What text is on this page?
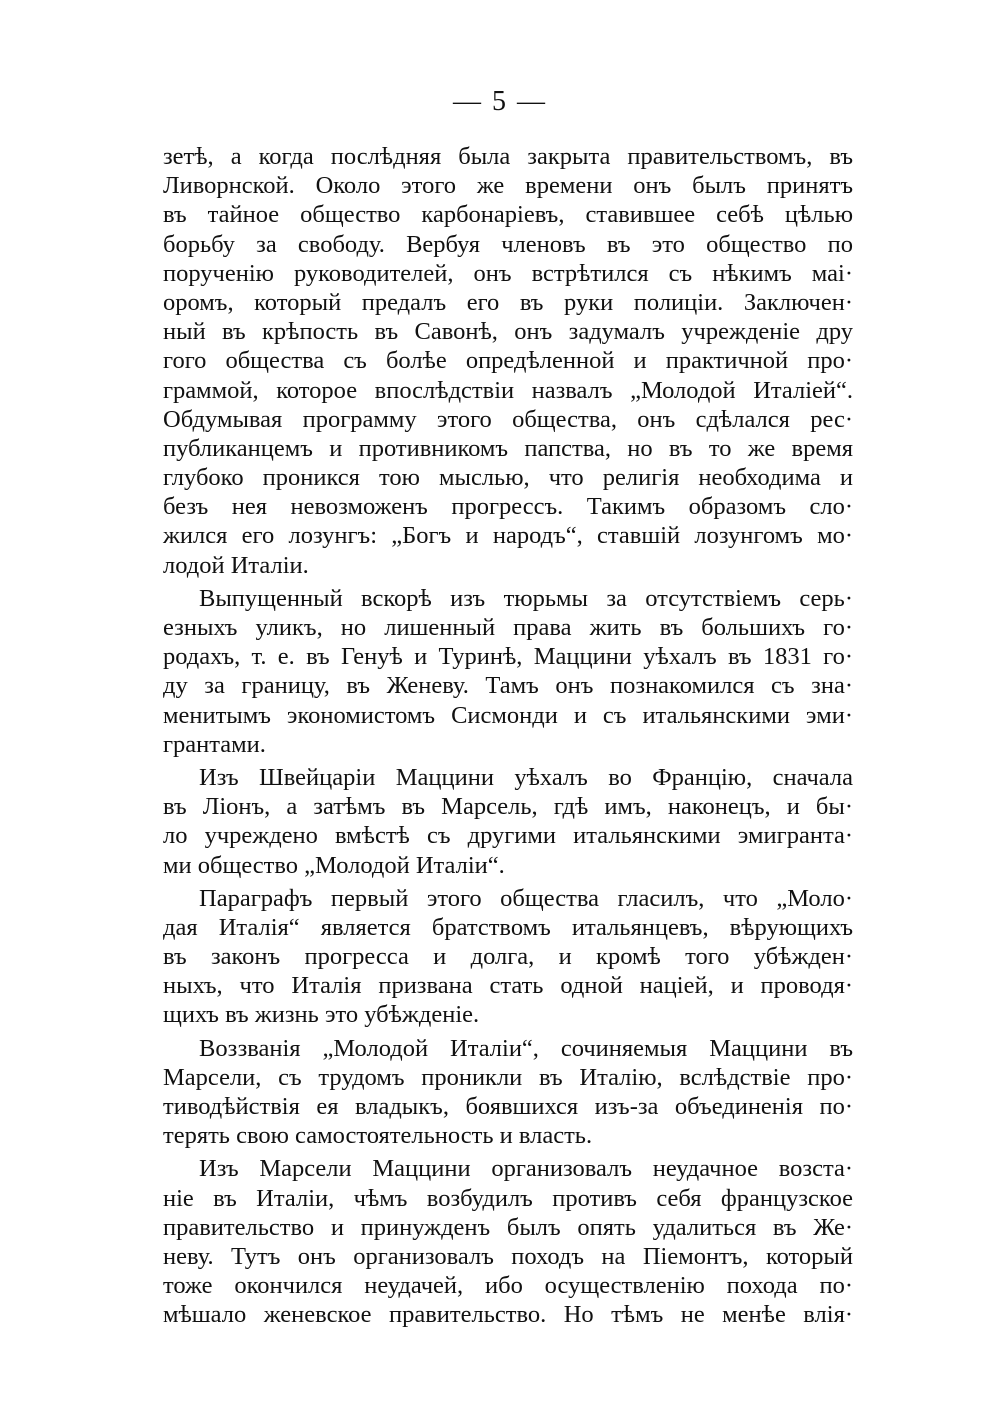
— 5 —
зетѣ, а когда послѣдняя была закрыта правительствомъ, въ
Ливорнской. Около этого же времени онъ былъ принятъ
въ тайное общество карбонаріевъ, ставившее себѣ цѣлью
борьбу за свободу. Вербуя членовъ въ это общество по
порученію руководителей, онъ встрѣтился съ нѣкимъ маі·
оромъ, который предалъ его въ руки полиціи. Заключен·
ный въ крѣпость въ Савонѣ, онъ задумалъ учрежденіе дру
гого общества съ болѣе опредѣленной и практичной про·
граммой, которое впослѣдствіи назвалъ „Молодой Италіей“.
Обдумывая программу этого общества, онъ сдѣлался рес·
публиканцемъ и противникомъ папства, но въ то же время
глубоко проникся тою мыслью, что религія необходима и
безъ нея невозможенъ прогрессъ. Такимъ образомъ сло·
жился его лозунгъ: „Богъ и народъ“, ставшій лозунгомъ мо·
лодой Италіи.
Выпущенный вскорѣ изъ тюрьмы за отсутствіемъ серь·
езныхъ уликъ, но лишенный права жить въ большихъ го·
родахъ, т. е. въ Генуѣ и Туринѣ, Маццини уѣхалъ въ 1831 го·
ду за границу, въ Женеву. Тамъ онъ познакомился съ зна·
менитымъ экономистомъ Сисмонди и съ итальянскими эми·
грантами.
Изъ Швейцаріи Маццини уѣхалъ во Францію, сначала
въ Ліонъ, а затѣмъ въ Марсель, гдѣ имъ, наконецъ, и бы·
ло учреждено вмѣстѣ съ другими итальянскими эмигранта·
ми общество „Молодой Италіи“.
Параграфъ первый этого общества гласилъ, что „Моло·
дая Италія“ является братствомъ итальянцевъ, вѣрующихъ
въ законъ прогресса и долга, и кромѣ того убѣжден·
ныхъ, что Италія призвана стать одной націей, и проводя·
щихъ въ жизнь это убѣжденіе.
Воззванія „Молодой Италіи“, сочиняемыя Маццини въ
Марсели, съ трудомъ проникли въ Италію, вслѣдствіе про·
тиводѣйствія ея владыкъ, боявшихся изъ-за объединенія по·
терять свою самостоятельность и власть.
Изъ Марсели Маццини организовалъ неудачное возста·
ніе въ Италіи, чѣмъ возбудилъ противъ себя французское
правительство и принужденъ былъ опять удалиться въ Же·
неву. Тутъ онъ организовалъ походъ на Піемонтъ, который
тоже окончился неудачей, ибо осуществленію похода по·
мѣшало женевское правительство. Но тѣмъ не менѣе влія·
